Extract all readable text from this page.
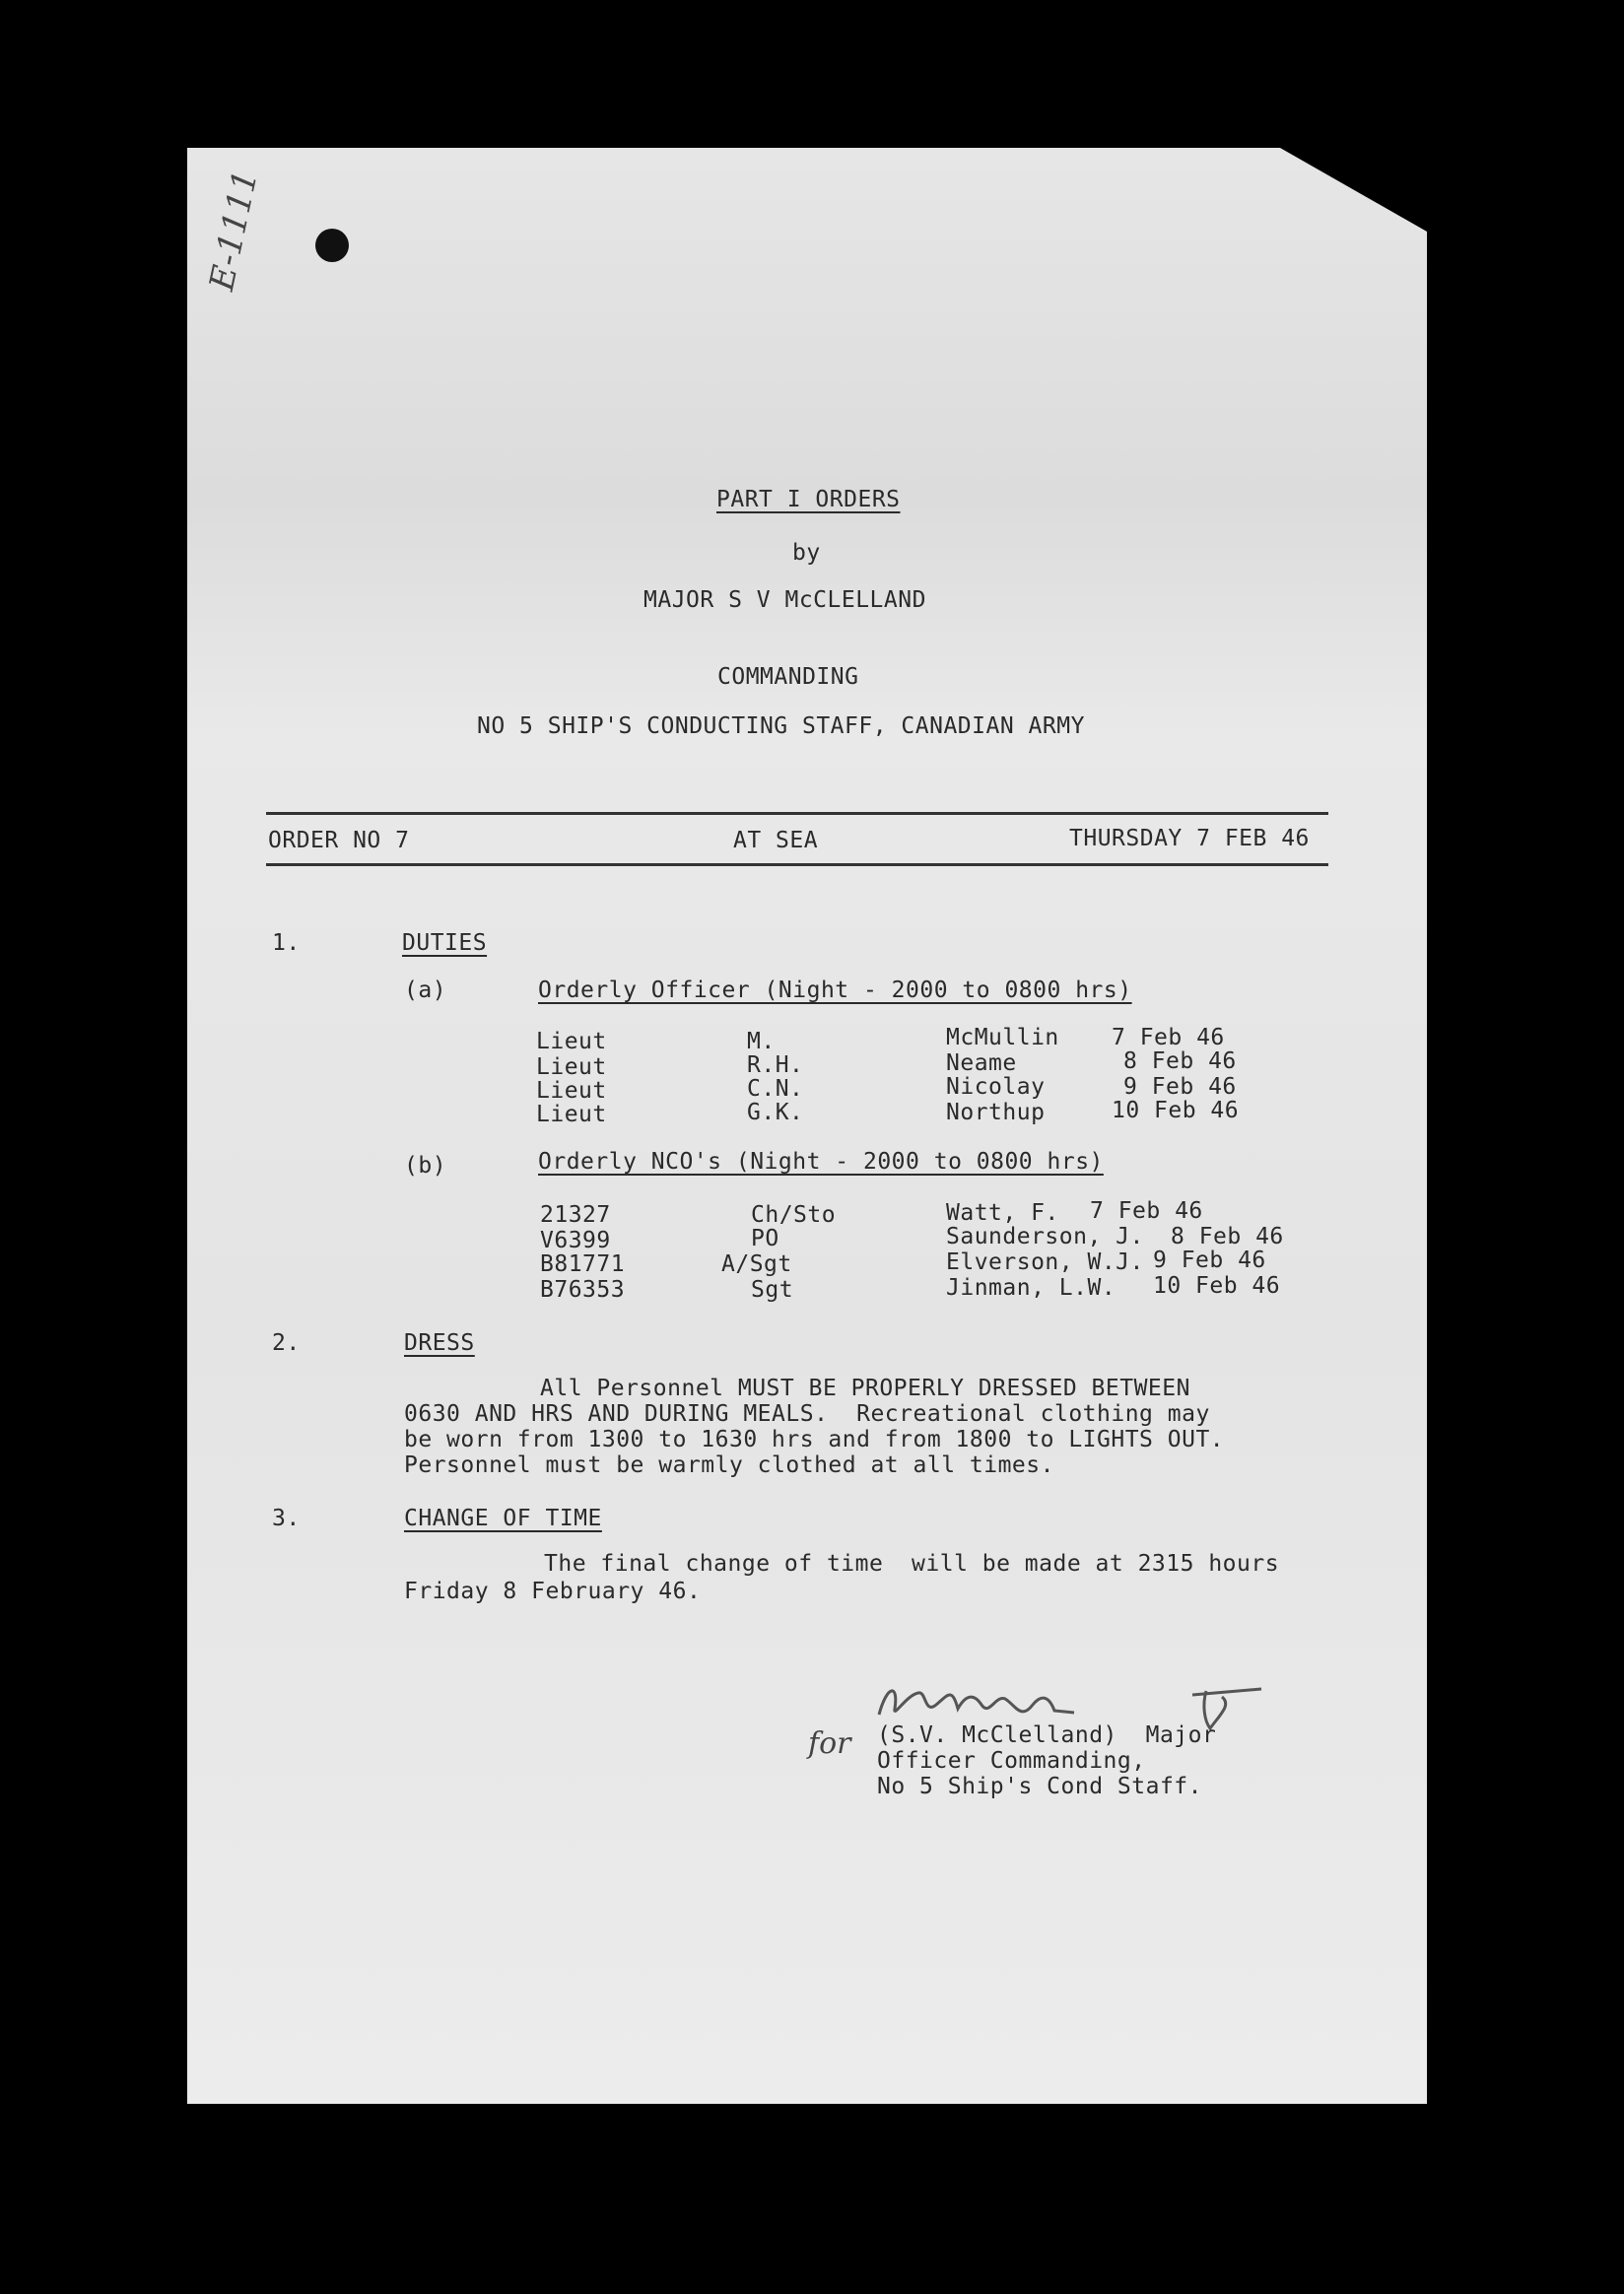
E-1111
PART I ORDERS
by
MAJOR S V McCLELLAND
COMMANDING
NO 5 SHIP'S CONDUCTING STAFF, CANADIAN ARMY
ORDER NO 7	AT SEA	THURSDAY 7 FEB 46
1.	DUTIES
(a)	Orderly Officer (Night - 2000 to 0800 hrs)
Lieut	M.	McMullin 7 Feb 46
Lieut	R.H.	Neame	8 Feb 46
Lieut	C.N.	Nicolay	9 Feb 46
Lieut	G.K.	Northup	10 Feb 46
(b)	Orderly NCO's (Night - 2000 to 0800 hrs)
21327	Ch/Sto	Watt, F. 7 Feb 46
V6399	PO	Saunderson, J. 8 Feb 46
B81771	A/Sgt	Elverson, W.J. 9 Feb 46
B76353	Sgt	Jinman, L.W. 10 Feb 46
2.	DRESS
All Personnel MUST BE PROPERLY DRESSED BETWEEN
0630 AND HRS AND DURING MEALS.  Recreational clothing may
be worn from 1300 to 1630 hrs and from 1800 to LIGHTS OUT.
Personnel must be warmly clothed at all times.
3.	CHANGE OF TIME
The final change of time  will be made at 2315 hours
Friday 8 February 46.
for (S.V. McClelland)  Major
Officer Commanding,
No 5 Ship's Cond Staff.
